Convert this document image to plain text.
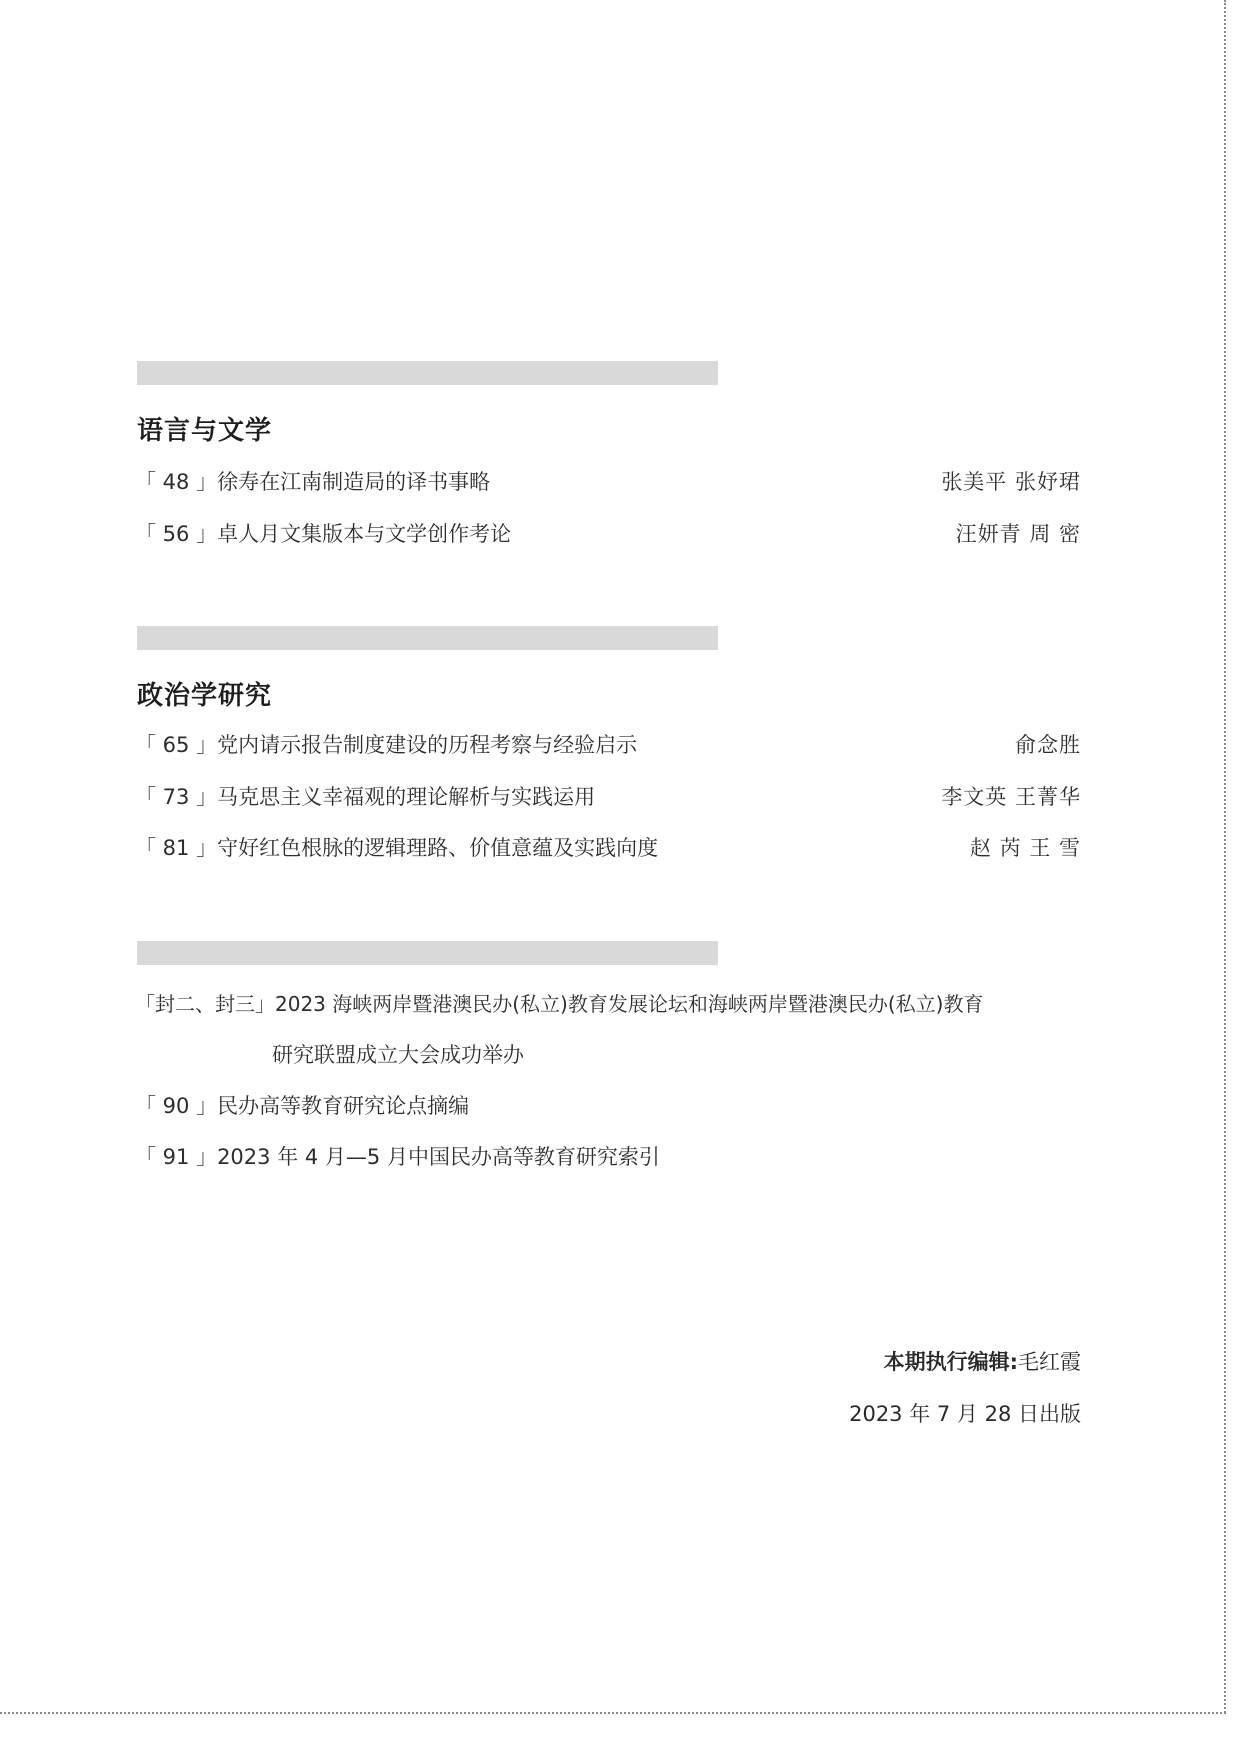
语言与文学
「 48 」徐寿在江南制造局的译书事略	张美平 张妤珺
「 56 」卓人月文集版本与文学创作考论	汪妍青 周 密
政治学研究
「 65 」党内请示报告制度建设的历程考察与经验启示	俞念胜
「 73 」马克思主义幸福观的理论解析与实践运用	李文英 王菁华
「 81 」守好红色根脉的逻辑理路、价值意蕴及实践向度	赵 芮 王 雪
「封二、封三」2023 海峡两岸暨港澳民办(私立)教育发展论坛和海峡两岸暨港澳民办(私立)教育
研究联盟成立大会成功举办
「 90 」民办高等教育研究论点摘编
「 91 」2023 年 4 月—5 月中国民办高等教育研究索引
本期执行编辑:毛红霞
2023 年 7 月 28 日出版
